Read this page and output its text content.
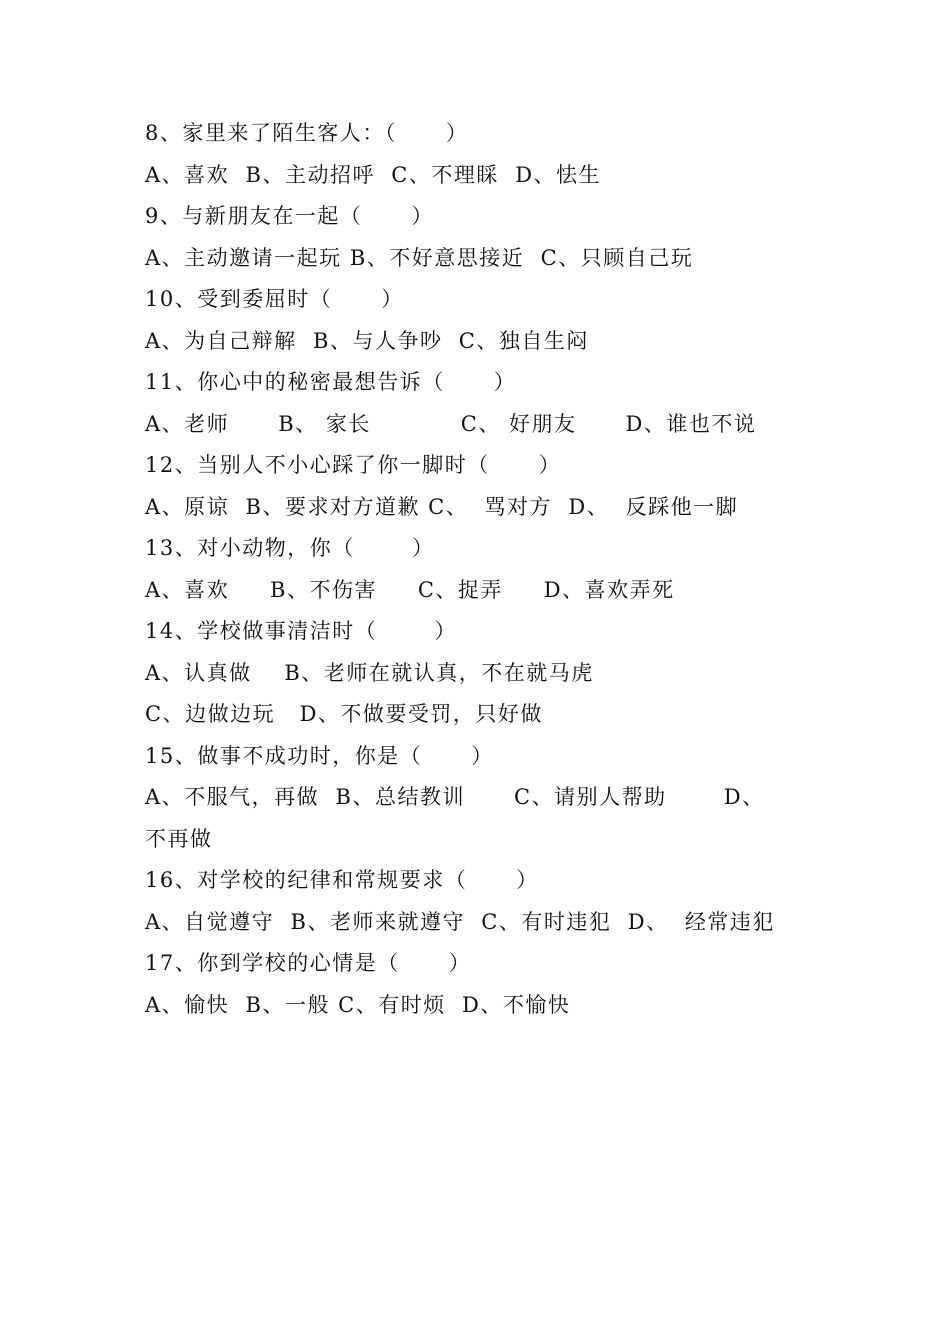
8、家里来了陌生客人：（      ）
A、喜欢  B、主动招呼  C、不理睬  D、怯生
9、与新朋友在一起（      ）
A、主动邀请一起玩 B、不好意思接近  C、只顾自己玩
10、受到委屈时（      ）
A、为自己辩解  B、与人争吵  C、独自生闷
11、你心中的秘密最想告诉（      ）
A、老师      B、 家长           C、 好朋友      D、谁也不说
12、当别人不小心踩了你一脚时（      ）
A、原谅  B、要求对方道歉 C、  骂对方  D、  反踩他一脚
13、对小动物，你（       ）
A、喜欢     B、不伤害     C、捉弄     D、喜欢弄死
14、学校做事清洁时（       ）
A、认真做    B、老师在就认真，不在就马虎
C、边做边玩   D、不做要受罚，只好做
15、做事不成功时，你是（      ）
A、不服气，再做  B、总结教训      C、请别人帮助       D、
不再做
16、对学校的纪律和常规要求（      ）
A、自觉遵守  B、老师来就遵守  C、有时违犯  D、  经常违犯
17、你到学校的心情是（      ）
A、愉快  B、一般 C、有时烦  D、不愉快
